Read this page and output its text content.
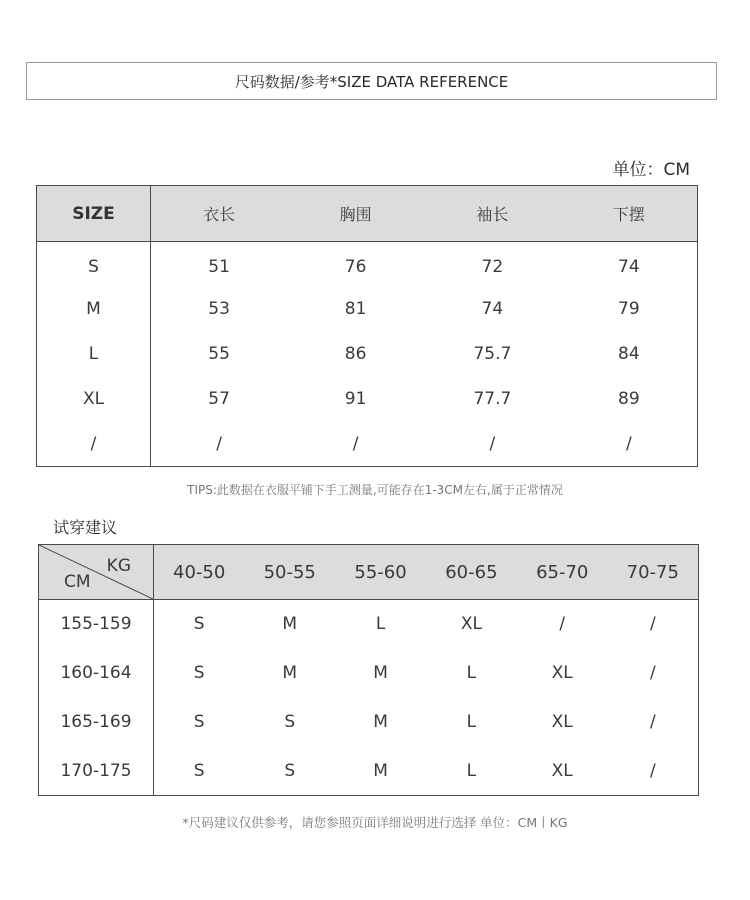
尺码数据/参考*SIZE DATA REFERENCE
单位：CM
SIZE	衣长	胸围	袖长	下摆
S	51	76	72	74
M	53	81	74	79
L	55	86	75.7	84
XL	57	91	77.7	89
/	/	/	/	/
TIPS:此数据在衣服平铺下手工测量,可能存在1-3CM左右,属于正常情况
试穿建议
KG
CM	40-50	50-55	55-60	60-65	65-70	70-75
155-159	S	M	L	XL	/	/
160-164	S	M	M	L	XL	/
165-169	S	S	M	L	XL	/
170-175	S	S	M	L	XL	/
*尺码建议仅供参考，请您参照页面详细说明进行选择 单位：CM丨KG
